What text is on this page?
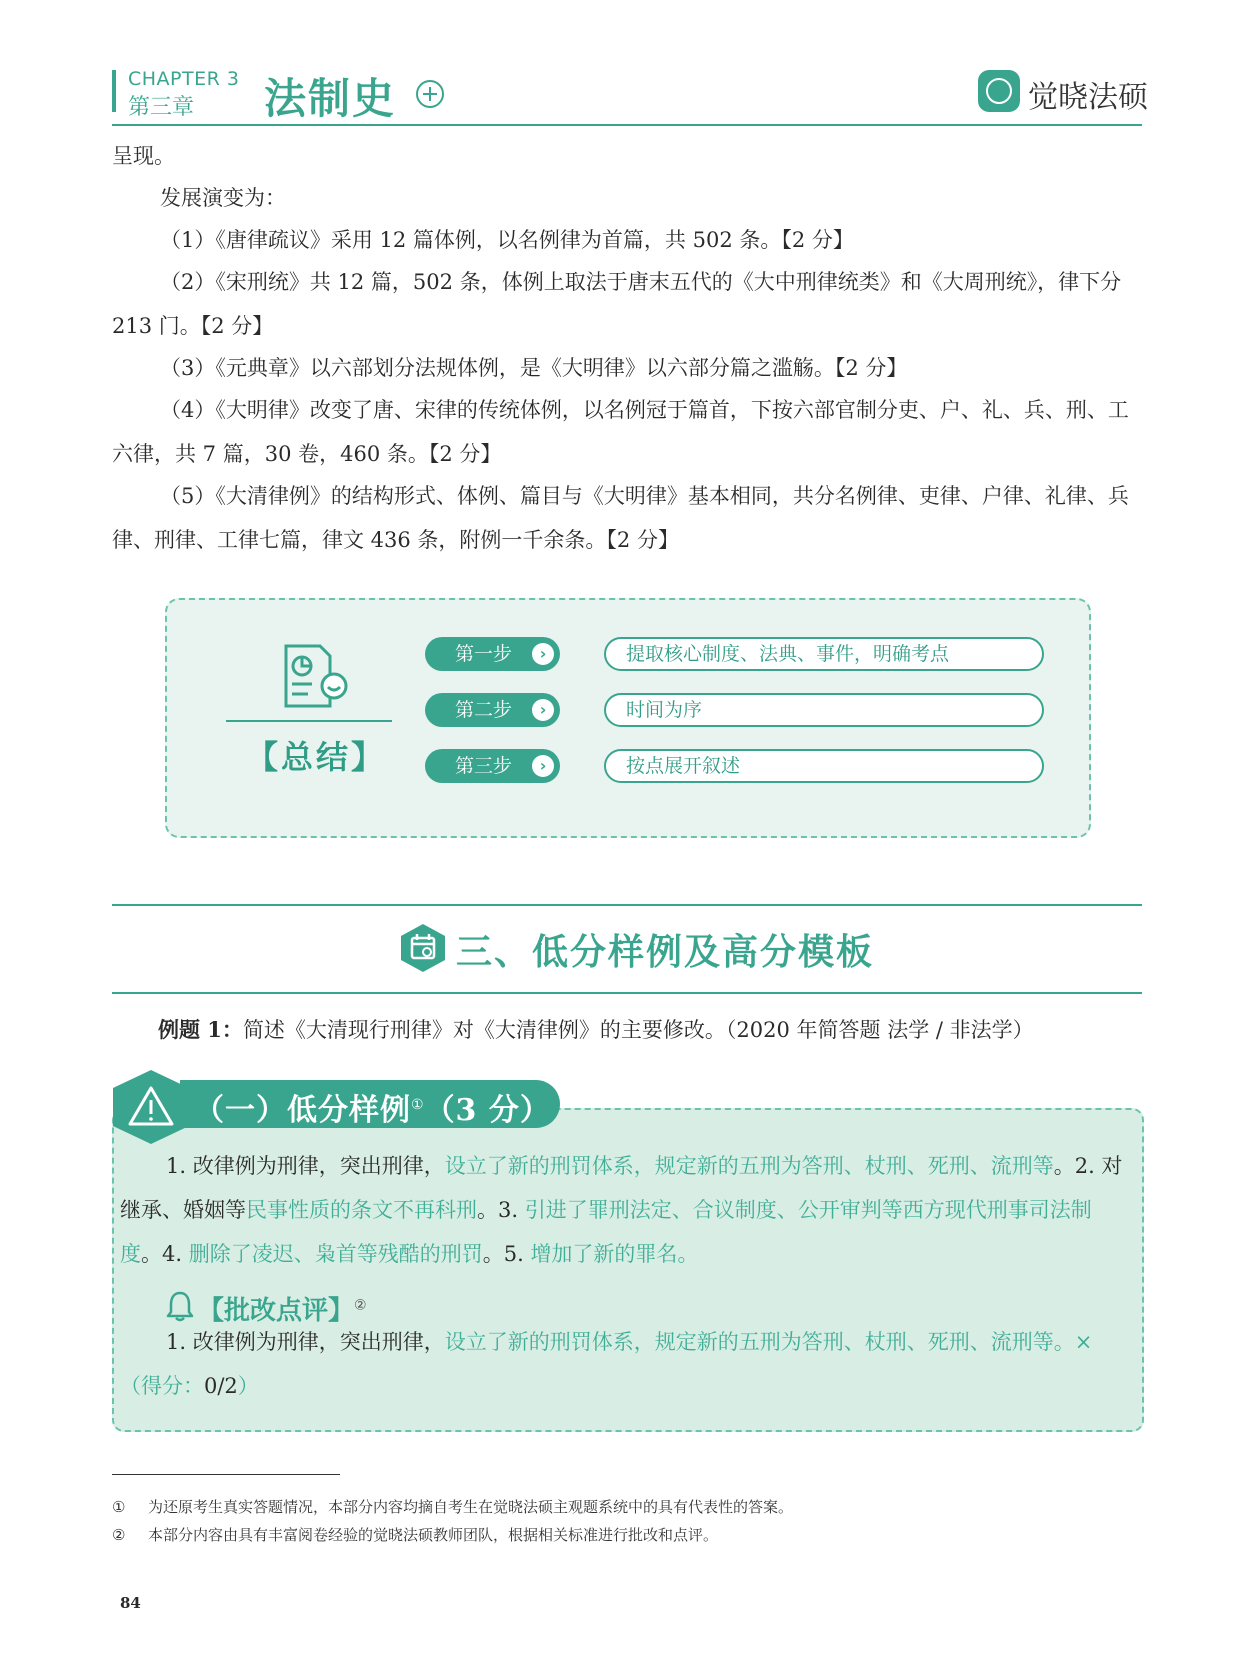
CHAPTER 3
第三章 法制史	觉晓法硕
呈现。
发展演变为：
（1）《唐律疏议》采用 12 篇体例，以名例律为首篇，共 502 条。【2 分】
（2）《宋刑统》共 12 篇，502 条，体例上取法于唐末五代的《大中刑律统类》和《大周刑统》，律下分 213 门。【2 分】
（3）《元典章》以六部划分法规体例，是《大明律》以六部分篇之滥觞。【2 分】
（4）《大明律》改变了唐、宋律的传统体例，以名例冠于篇首，下按六部官制分吏、户、礼、兵、刑、工六律，共 7 篇，30 卷，460 条。【2 分】
（5）《大清律例》的结构形式、体例、篇目与《大明律》基本相同，共分名例律、吏律、户律、礼律、兵律、刑律、工律七篇，律文 436 条，附例一千余条。【2 分】
【总结】
第一步	›	提取核心制度、法典、事件，明确考点
第二步	›	时间为序
第三步	›	按点展开叙述
三、低分样例及高分模板
例题 1：简述《大清现行刑律》对《大清律例》的主要修改。（2020 年简答题 法学 / 非法学）
（一）低分样例①（3 分）
1. 改律例为刑律，突出刑律，设立了新的刑罚体系，规定新的五刑为答刑、杖刑、死刑、流刑等。2. 对继承、婚姻等民事性质的条文不再科刑。3. 引进了罪刑法定、合议制度、公开审判等西方现代刑事司法制度。4. 删除了凌迟、枭首等残酷的刑罚。5. 增加了新的罪名。
【批改点评】②
1. 改律例为刑律，突出刑律，设立了新的刑罚体系，规定新的五刑为答刑、杖刑、死刑、流刑等。×（得分：0/2）
① 为还原考生真实答题情况，本部分内容均摘自考生在觉晓法硕主观题系统中的具有代表性的答案。
② 本部分内容由具有丰富阅卷经验的觉晓法硕教师团队，根据相关标准进行批改和点评。
84
